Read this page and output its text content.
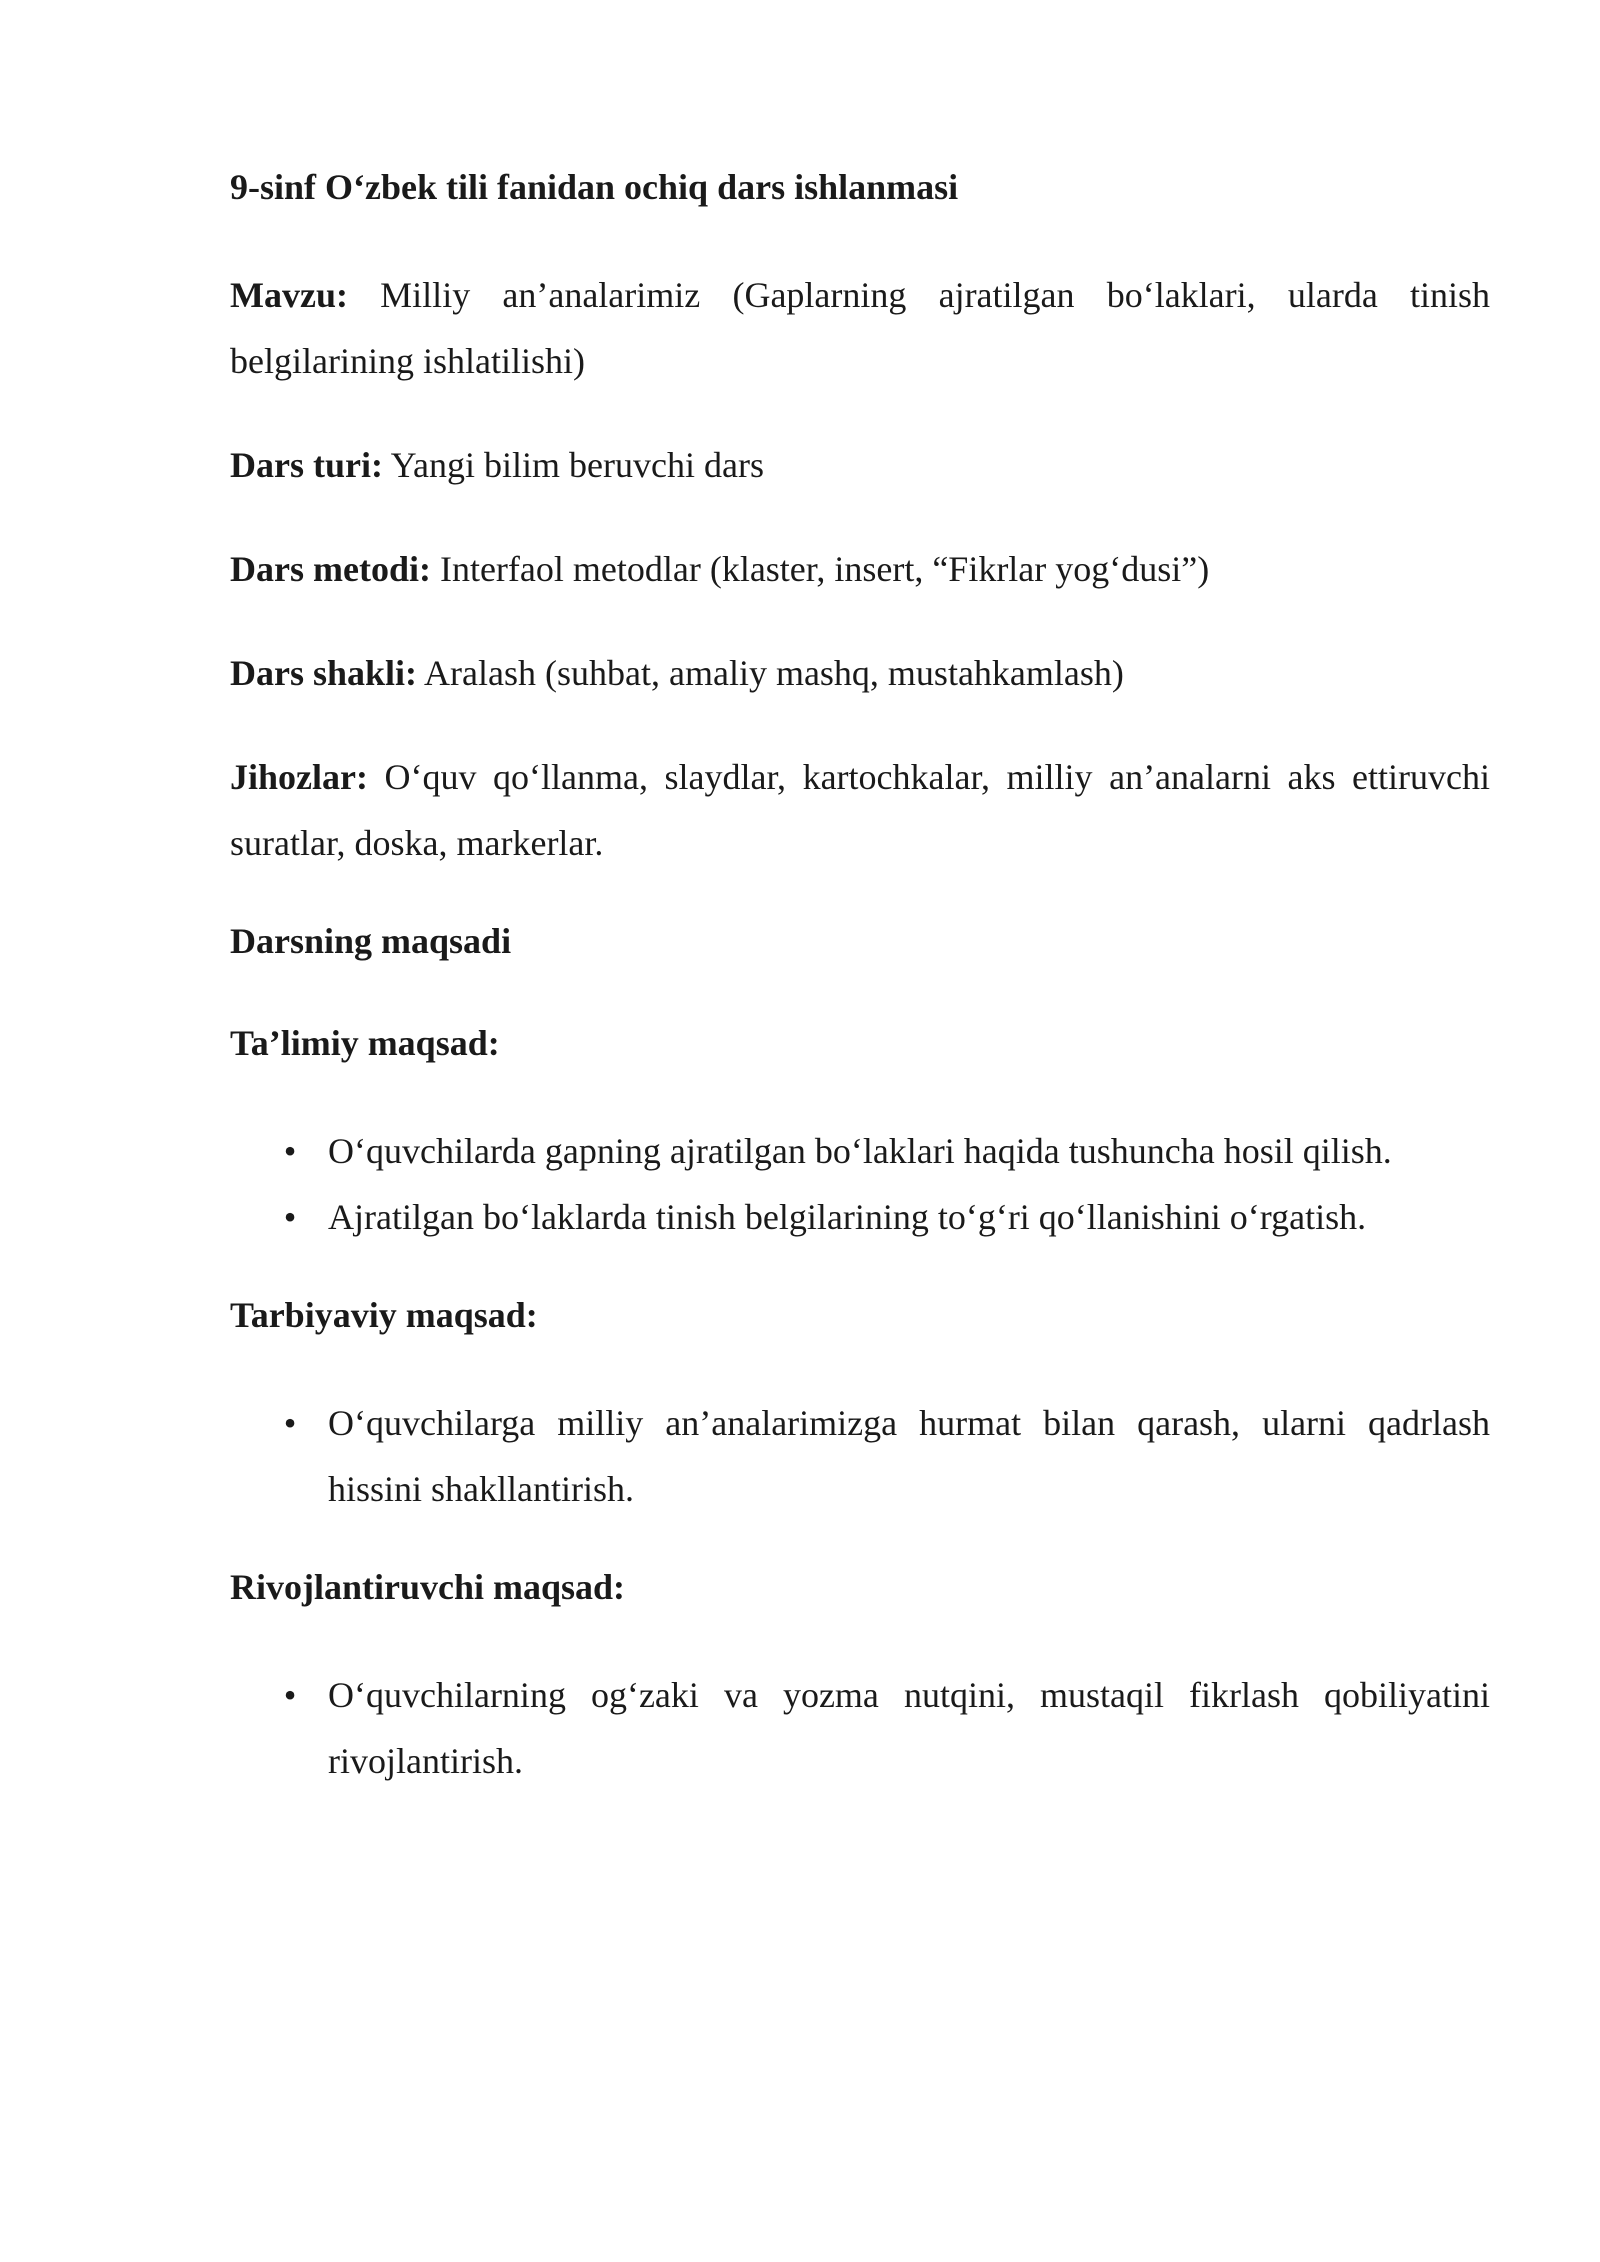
9-sinf O‘zbek tili fanidan ochiq dars ishlanmasi

Mavzu: Milliy an’analarimiz (Gaplarning ajratilgan bo‘laklari, ularda tinish belgilarining ishlatilishi)

Dars turi: Yangi bilim beruvchi dars

Dars metodi: Interfaol metodlar (klaster, insert, “Fikrlar yog‘dusi”)

Dars shakli: Aralash (suhbat, amaliy mashq, mustahkamlash)

Jihozlar: O‘quv qo‘llanma, slaydlar, kartochkalar, milliy an’analarni aks ettiruvchi suratlar, doska, markerlar.

Darsning maqsadi
Ta’limiy maqsad:
• O‘quvchilarda gapning ajratilgan bo‘laklari haqida tushuncha hosil qilish.
• Ajratilgan bo‘laklarda tinish belgilarining to‘g‘ri qo‘llanishini o‘rgatish.
Tarbiyaviy maqsad:
• O‘quvchilarga milliy an’analarimizga hurmat bilan qarash, ularni qadrlash hissini shakllantirish.
Rivojlantiruvchi maqsad:
• O‘quvchilarning og‘zaki va yozma nutqini, mustaqil fikrlash qobiliyatini rivojlantirish.
